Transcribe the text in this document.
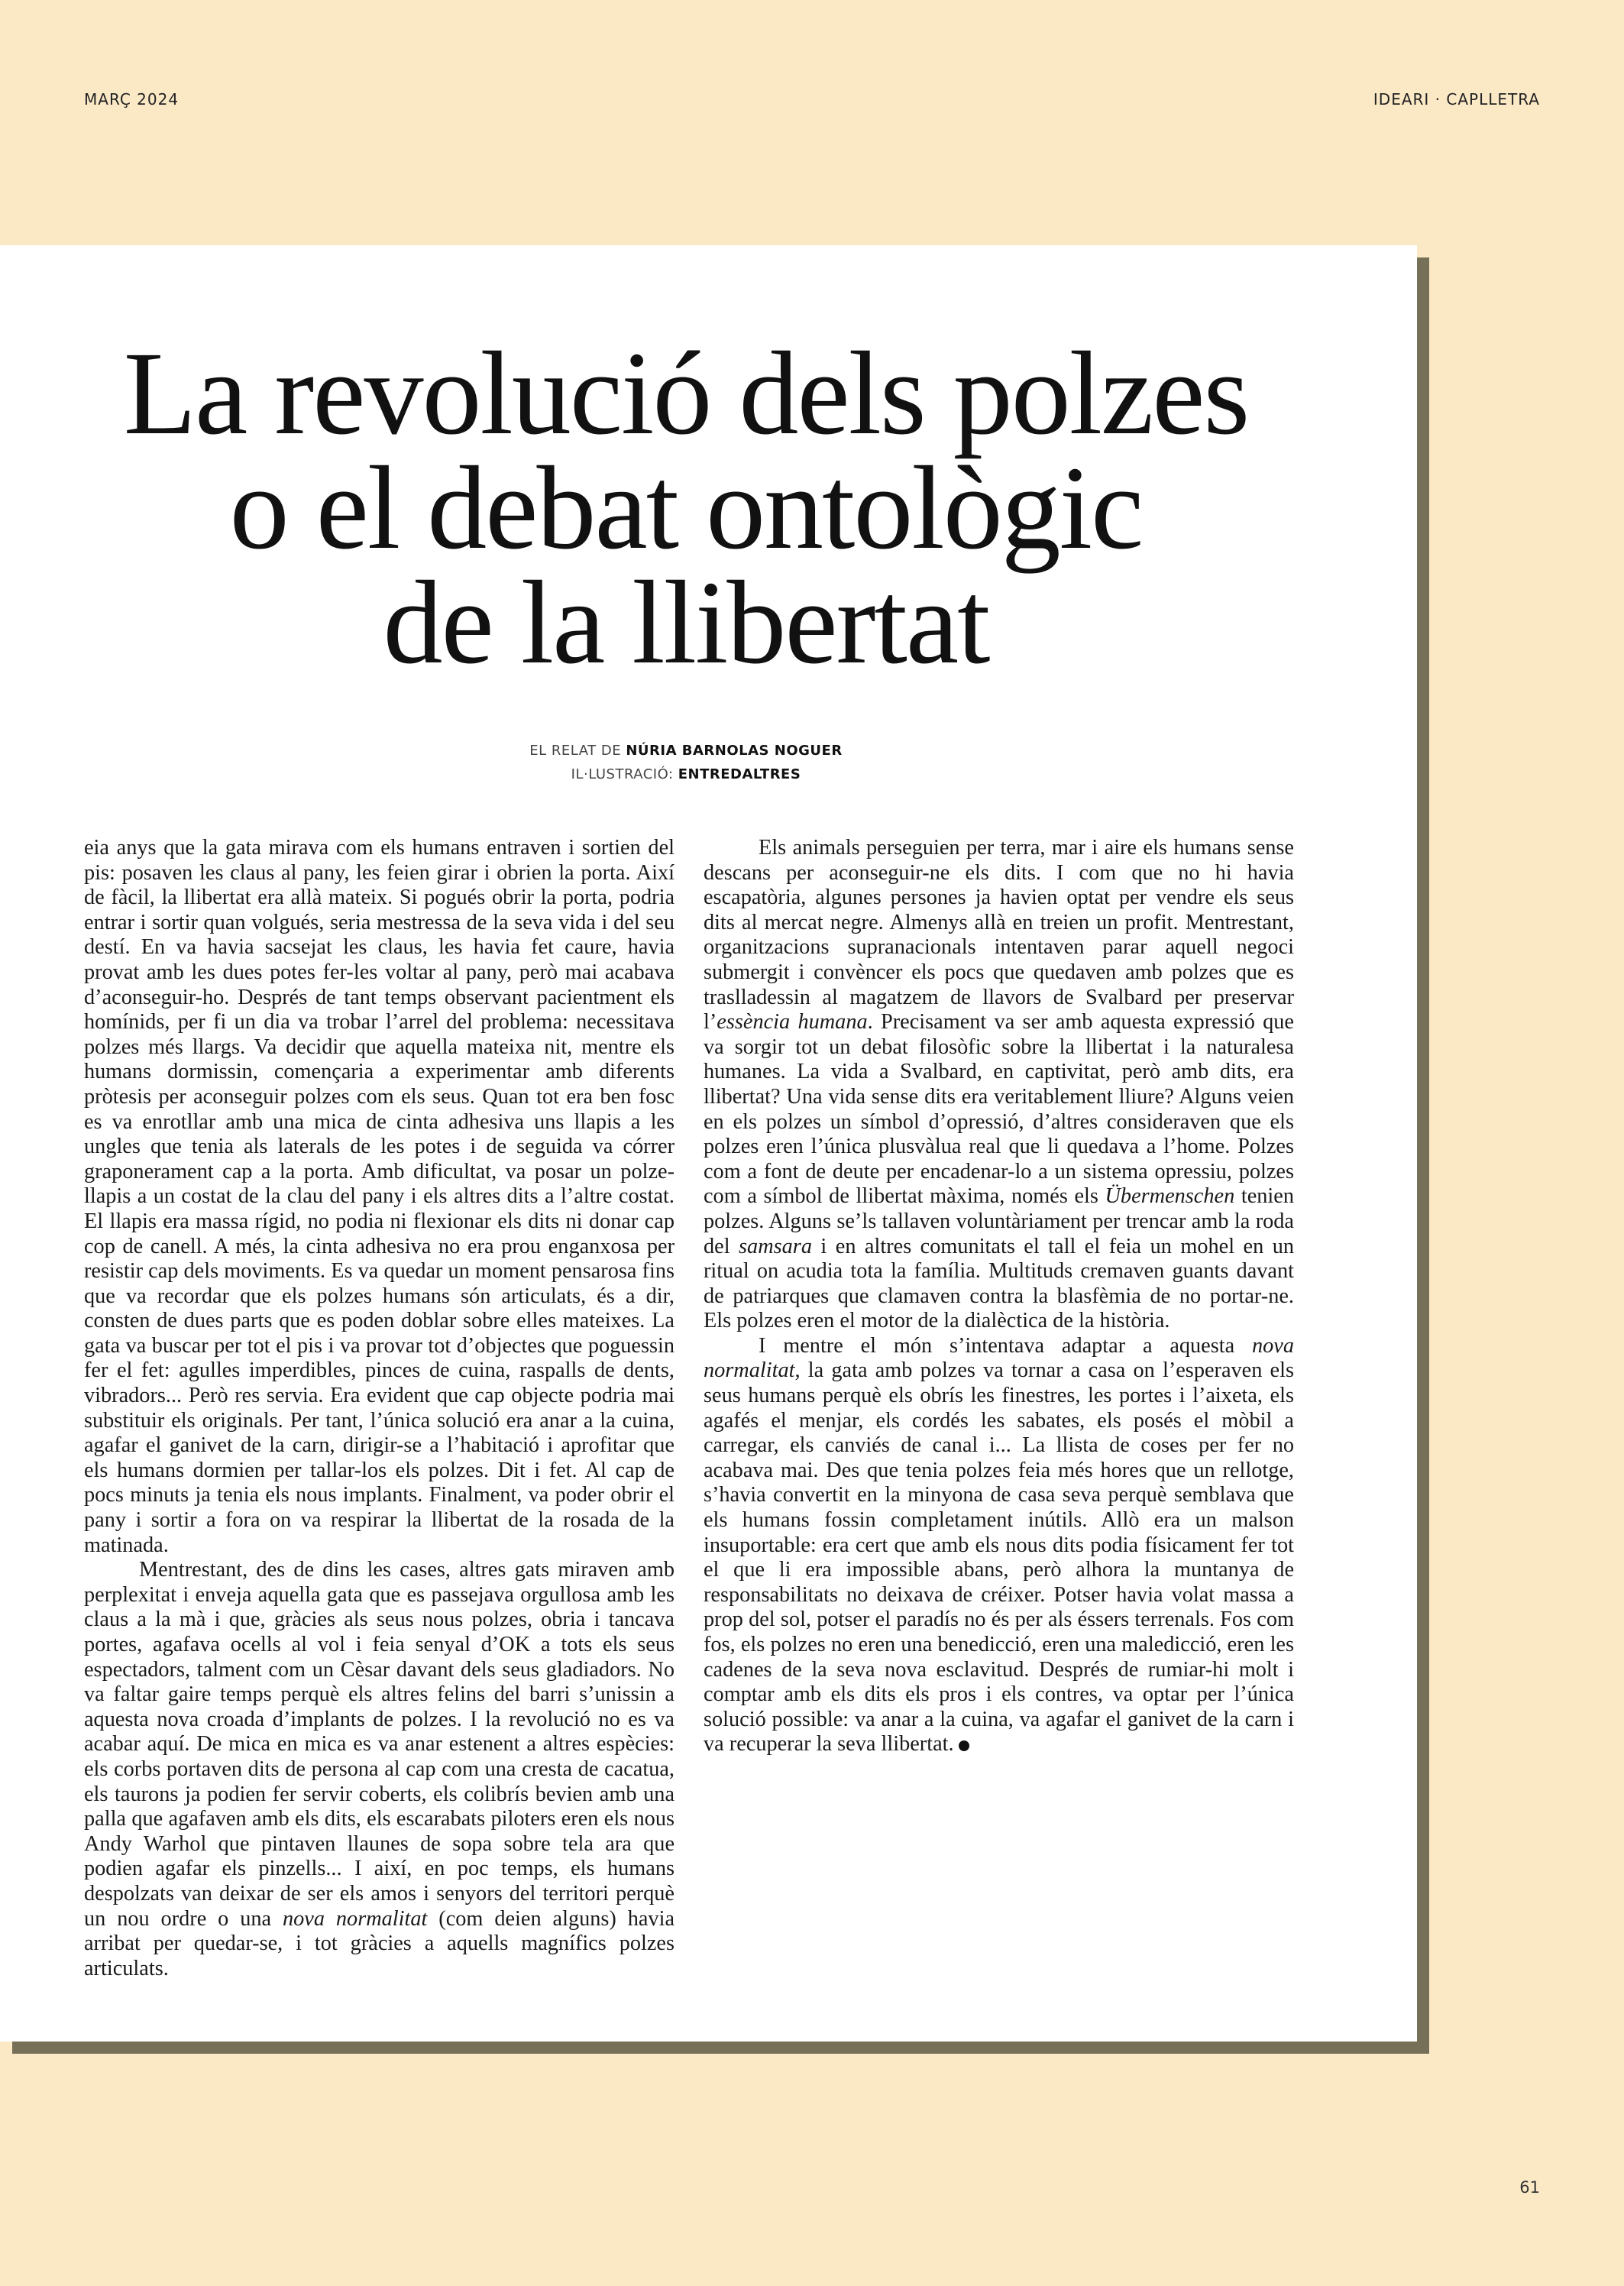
MARÇ 2024	IDEARI · CAPLLETRA
La revolució dels polzes
o el debat ontològic
de la llibertat
EL RELAT DE NÚRIA BARNOLAS NOGUER
IL·LUSTRACIÓ: ENTREDALTRES

eia anys que la gata mirava com els humans entraven i sortien del pis: posaven les claus al pany, les feien girar i obrien la porta. Així de fàcil, la llibertat era allà mateix. Si pogués obrir la porta, podria entrar i sortir quan volgués, seria mestressa de la seva vida i del seu destí. En va havia sacsejat les claus, les havia fet caure, havia provat amb les dues potes fer-les voltar al pany, però mai acabava d’aconseguir-ho. Després de tant temps observant pacientment els homínids, per fi un dia va trobar l’arrel del problema: necessitava polzes més llargs. Va decidir que aquella mateixa nit, mentre els humans dormissin, començaria a experimentar amb diferents pròtesis per aconseguir polzes com els seus. Quan tot era ben fosc es va enrotllar amb una mica de cinta adhesiva uns llapis a les ungles que tenia als laterals de les potes i de seguida va córrer graponerament cap a la porta. Amb dificultat, va posar un polze-llapis a un costat de la clau del pany i els altres dits a l’altre costat. El llapis era massa rígid, no podia ni flexionar els dits ni donar cap cop de canell. A més, la cinta adhesiva no era prou enganxosa per resistir cap dels moviments. Es va quedar un moment pensarosa fins que va recordar que els polzes humans són articulats, és a dir, consten de dues parts que es poden doblar sobre elles mateixes. La gata va buscar per tot el pis i va provar tot d’objectes que poguessin fer el fet: agulles imperdibles, pinces de cuina, raspalls de dents, vibradors... Però res servia. Era evident que cap objecte podria mai substituir els originals. Per tant, l’única solució era anar a la cuina, agafar el ganivet de la carn, dirigir-se a l’habitació i aprofitar que els humans dormien per tallar-los els polzes. Dit i fet. Al cap de pocs minuts ja tenia els nous implants. Finalment, va poder obrir el pany i sortir a fora on va respirar la llibertat de la rosada de la matinada.

Mentrestant, des de dins les cases, altres gats miraven amb perplexitat i enveja aquella gata que es passejava orgullosa amb les claus a la mà i que, gràcies als seus nous polzes, obria i tancava portes, agafava ocells al vol i feia senyal d’OK a tots els seus espectadors, talment com un Cèsar davant dels seus gladiadors. No va faltar gaire temps perquè els altres felins del barri s’unissin a aquesta nova croada d’implants de polzes. I la revolució no es va acabar aquí. De mica en mica es va anar estenent a altres espècies: els corbs portaven dits de persona al cap com una cresta de cacatua, els taurons ja podien fer servir coberts, els colibrís bevien amb una palla que agafaven amb els dits, els escarabats piloters eren els nous Andy Warhol que pintaven llaunes de sopa sobre tela ara que podien agafar els pinzells... I així, en poc temps, els humans despolzats van deixar de ser els amos i senyors del territori perquè un nou ordre o una nova normalitat (com deien alguns) havia arribat per quedar-se, i tot gràcies a aquells magnífics polzes articulats.

Els animals perseguien per terra, mar i aire els humans sense descans per aconseguir-ne els dits. I com que no hi havia escapatòria, algunes persones ja havien optat per vendre els seus dits al mercat negre. Almenys allà en treien un profit. Mentrestant, organitzacions supranacionals intentaven parar aquell negoci submergit i convèncer els pocs que quedaven amb polzes que es traslladessin al magatzem de llavors de Svalbard per preservar l’essència humana. Precisament va ser amb aquesta expressió que va sorgir tot un debat filosòfic sobre la llibertat i la naturalesa humanes. La vida a Svalbard, en captivitat, però amb dits, era llibertat? Una vida sense dits era veritablement lliure? Alguns veien en els polzes un símbol d’opressió, d’altres consideraven que els polzes eren l’única plusvàlua real que li quedava a l’home. Polzes com a font de deute per encadenar-lo a un sistema opressiu, polzes com a símbol de llibertat màxima, només els Übermenschen tenien polzes. Alguns se’ls tallaven voluntàriament per trencar amb la roda del samsara i en altres comunitats el tall el feia un mohel en un ritual on acudia tota la família. Multituds cremaven guants davant de patriarques que clamaven contra la blasfèmia de no portar-ne. Els polzes eren el motor de la dialèctica de la història.

I mentre el món s’intentava adaptar a aquesta nova normalitat, la gata amb polzes va tornar a casa on l’esperaven els seus humans perquè els obrís les finestres, les portes i l’aixeta, els agafés el menjar, els cordés les sabates, els posés el mòbil a carregar, els canviés de canal i... La llista de coses per fer no acabava mai. Des que tenia polzes feia més hores que un rellotge, s’havia convertit en la minyona de casa seva perquè semblava que els humans fossin completament inútils. Allò era un malson insuportable: era cert que amb els nous dits podia físicament fer tot el que li era impossible abans, però alhora la muntanya de responsabilitats no deixava de créixer. Potser havia volat massa a prop del sol, potser el paradís no és per als éssers terrenals. Fos com fos, els polzes no eren una benedicció, eren una maledicció, eren les cadenes de la seva nova esclavitud. Després de rumiar-hi molt i comptar amb els dits els pros i els contres, va optar per l’única solució possible: va anar a la cuina, va agafar el ganivet de la carn i va recuperar la seva llibertat.

61
